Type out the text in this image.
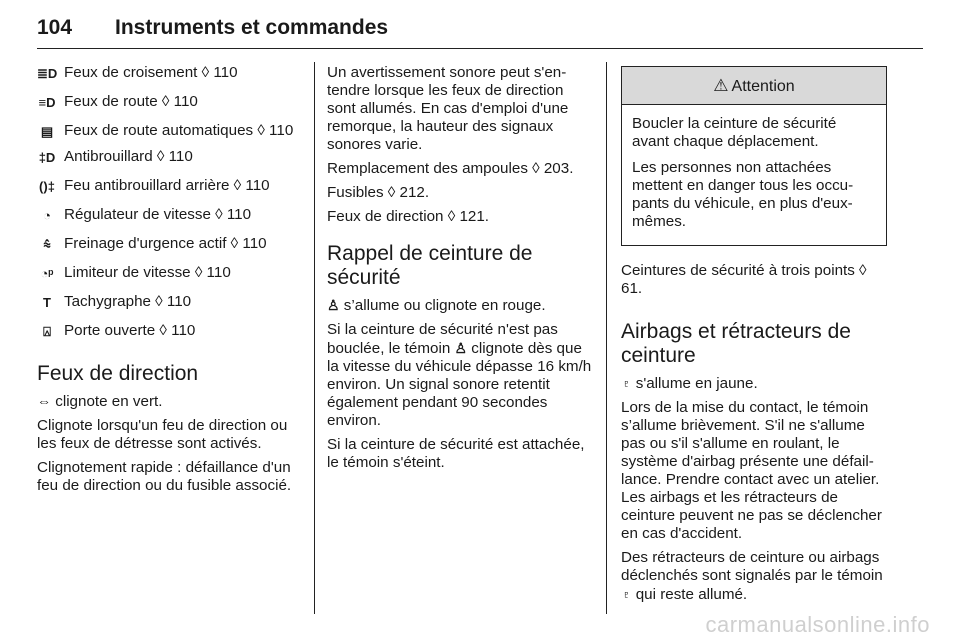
104 Instruments et commandes
≣D Feux de croisement ◊ 110
≡D Feux de route ◊ 110
▤ Feux de route automatiques ◊ 110
‡D Antibrouillard ◊ 110
()‡ Feu antibrouillard arrière ◊ 110
◔ Régulateur de vitesse ◊ 110
⩯ Freinage d'urgence actif ◊ 110
◔ᵖ Limiteur de vitesse ◊ 110
T Tachygraphe ◊ 110
⍓ Porte ouverte ◊ 110
Feux de direction

⇔ clignote en vert.

Clignote lorsqu'un feu de direction ou les feux de détresse sont activés.

Clignotement rapide : défaillance d'un feu de direction ou du fusible associé.

Un avertissement sonore peut s'entendre lorsque les feux de direction sont allumés. En cas d'emploi d'une remorque, la hauteur des signaux sonores varie.

Remplacement des ampoules ◊ 203.

Fusibles ◊ 212.

Feux de direction ◊ 121.

Rappel de ceinture de sécurité

♙ s’allume ou clignote en rouge.

Si la ceinture de sécurité n'est pas bouclée, le témoin ♙ clignote dès que la vitesse du véhicule dépasse 16 km/h environ. Un signal sonore retentit également pendant 90 secondes environ.

Si la ceinture de sécurité est attachée, le témoin s'éteint.

⚠ Attention

Boucler la ceinture de sécurité avant chaque déplacement.

Les personnes non attachées mettent en danger tous les occupants du véhicule, en plus d'eux-mêmes.

Ceintures de sécurité à trois points ◊ 61.

Airbags et rétracteurs de ceinture

♇ s'allume en jaune.

Lors de la mise du contact, le témoin s’allume brièvement. S'il ne s'allume pas ou s'il s'allume en roulant, le système d'airbag présente une défaillance. Prendre contact avec un atelier. Les airbags et les rétracteurs de ceinture peuvent ne pas se déclencher en cas d'accident.

Des rétracteurs de ceinture ou airbags déclenchés sont signalés par le témoin ♇ qui reste allumé.

carmanualsonline.info
